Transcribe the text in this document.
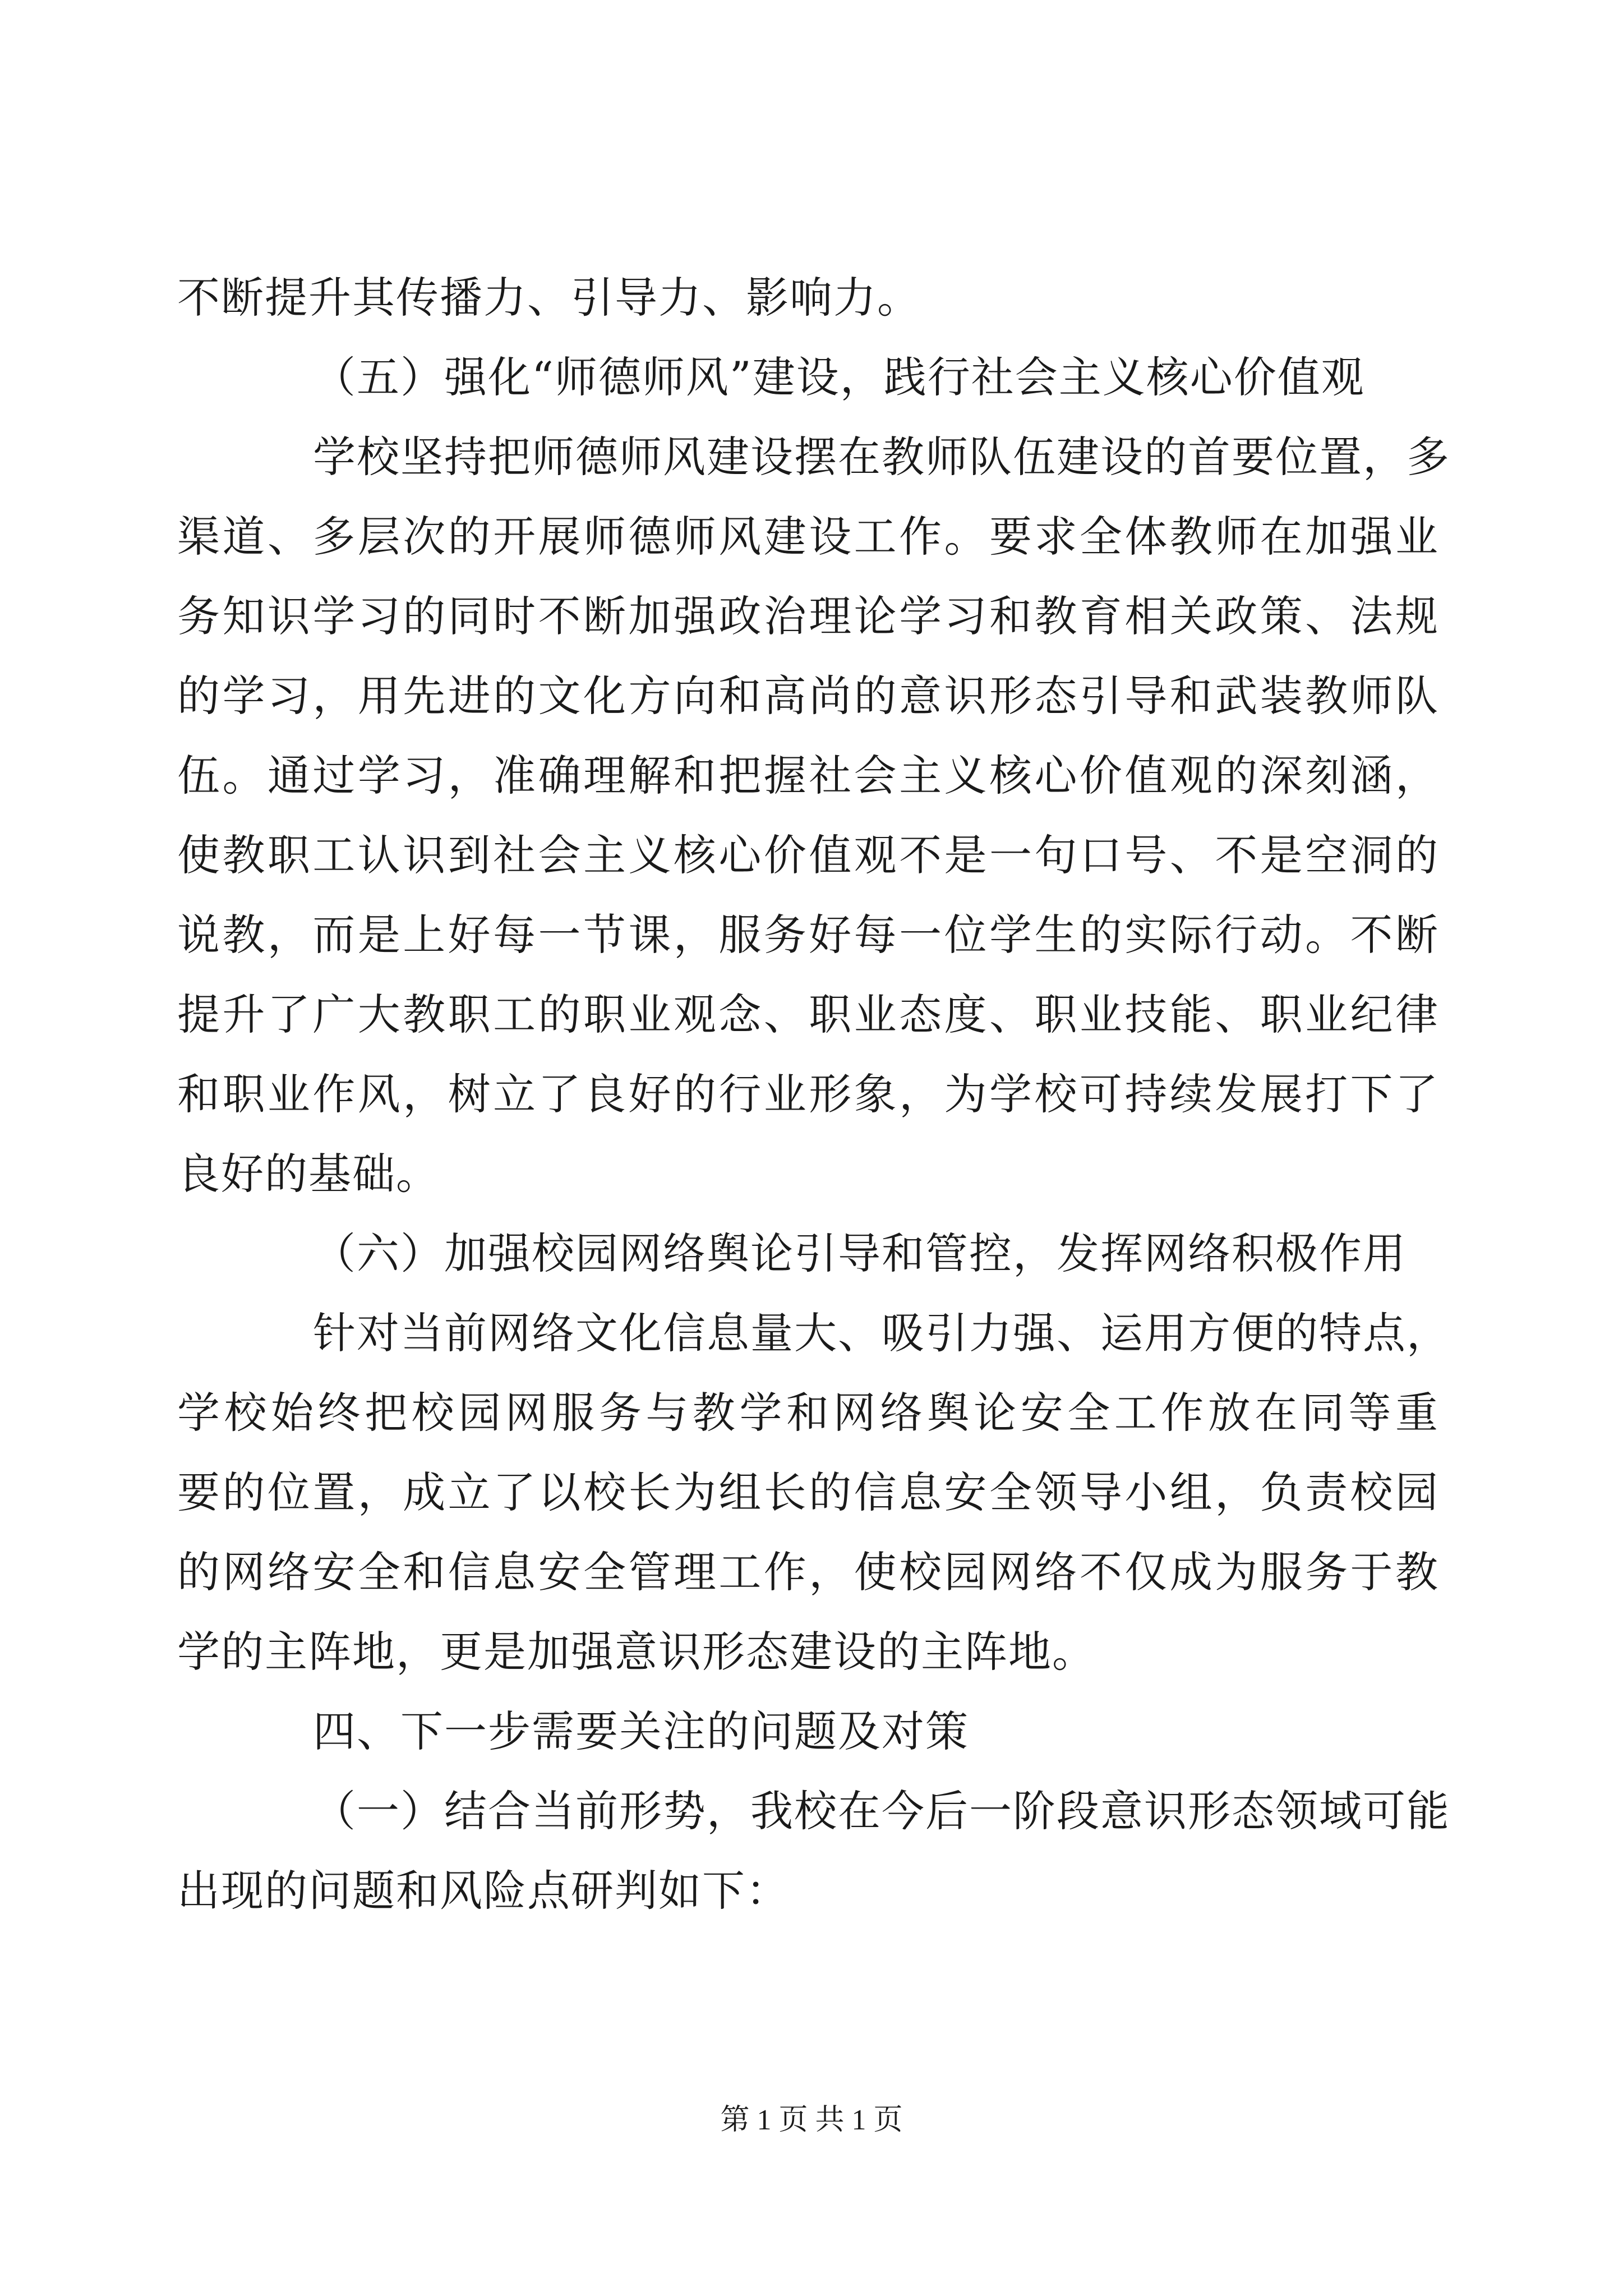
不断提升其传播力、引导力、影响力。
（五）强化“师德师风”建设，践行社会主义核心价值观
学校坚持把师德师风建设摆在教师队伍建设的首要位置，多
渠道、多层次的开展师德师风建设工作。要求全体教师在加强业
务知识学习的同时不断加强政治理论学习和教育相关政策、法规
的学习，用先进的文化方向和高尚的意识形态引导和武装教师队
伍。通过学习，准确理解和把握社会主义核心价值观的深刻涵，
使教职工认识到社会主义核心价值观不是一句口号、不是空洞的
说教，而是上好每一节课，服务好每一位学生的实际行动。不断
提升了广大教职工的职业观念、职业态度、职业技能、职业纪律
和职业作风，树立了良好的行业形象，为学校可持续发展打下了
良好的基础。
（六）加强校园网络舆论引导和管控，发挥网络积极作用
针对当前网络文化信息量大、吸引力强、运用方便的特点，
学校始终把校园网服务与教学和网络舆论安全工作放在同等重
要的位置，成立了以校长为组长的信息安全领导小组，负责校园
的网络安全和信息安全管理工作，使校园网络不仅成为服务于教
学的主阵地，更是加强意识形态建设的主阵地。
四、下一步需要关注的问题及对策
（一）结合当前形势，我校在今后一阶段意识形态领域可能
出现的问题和风险点研判如下：
第 1 页 共 1 页
